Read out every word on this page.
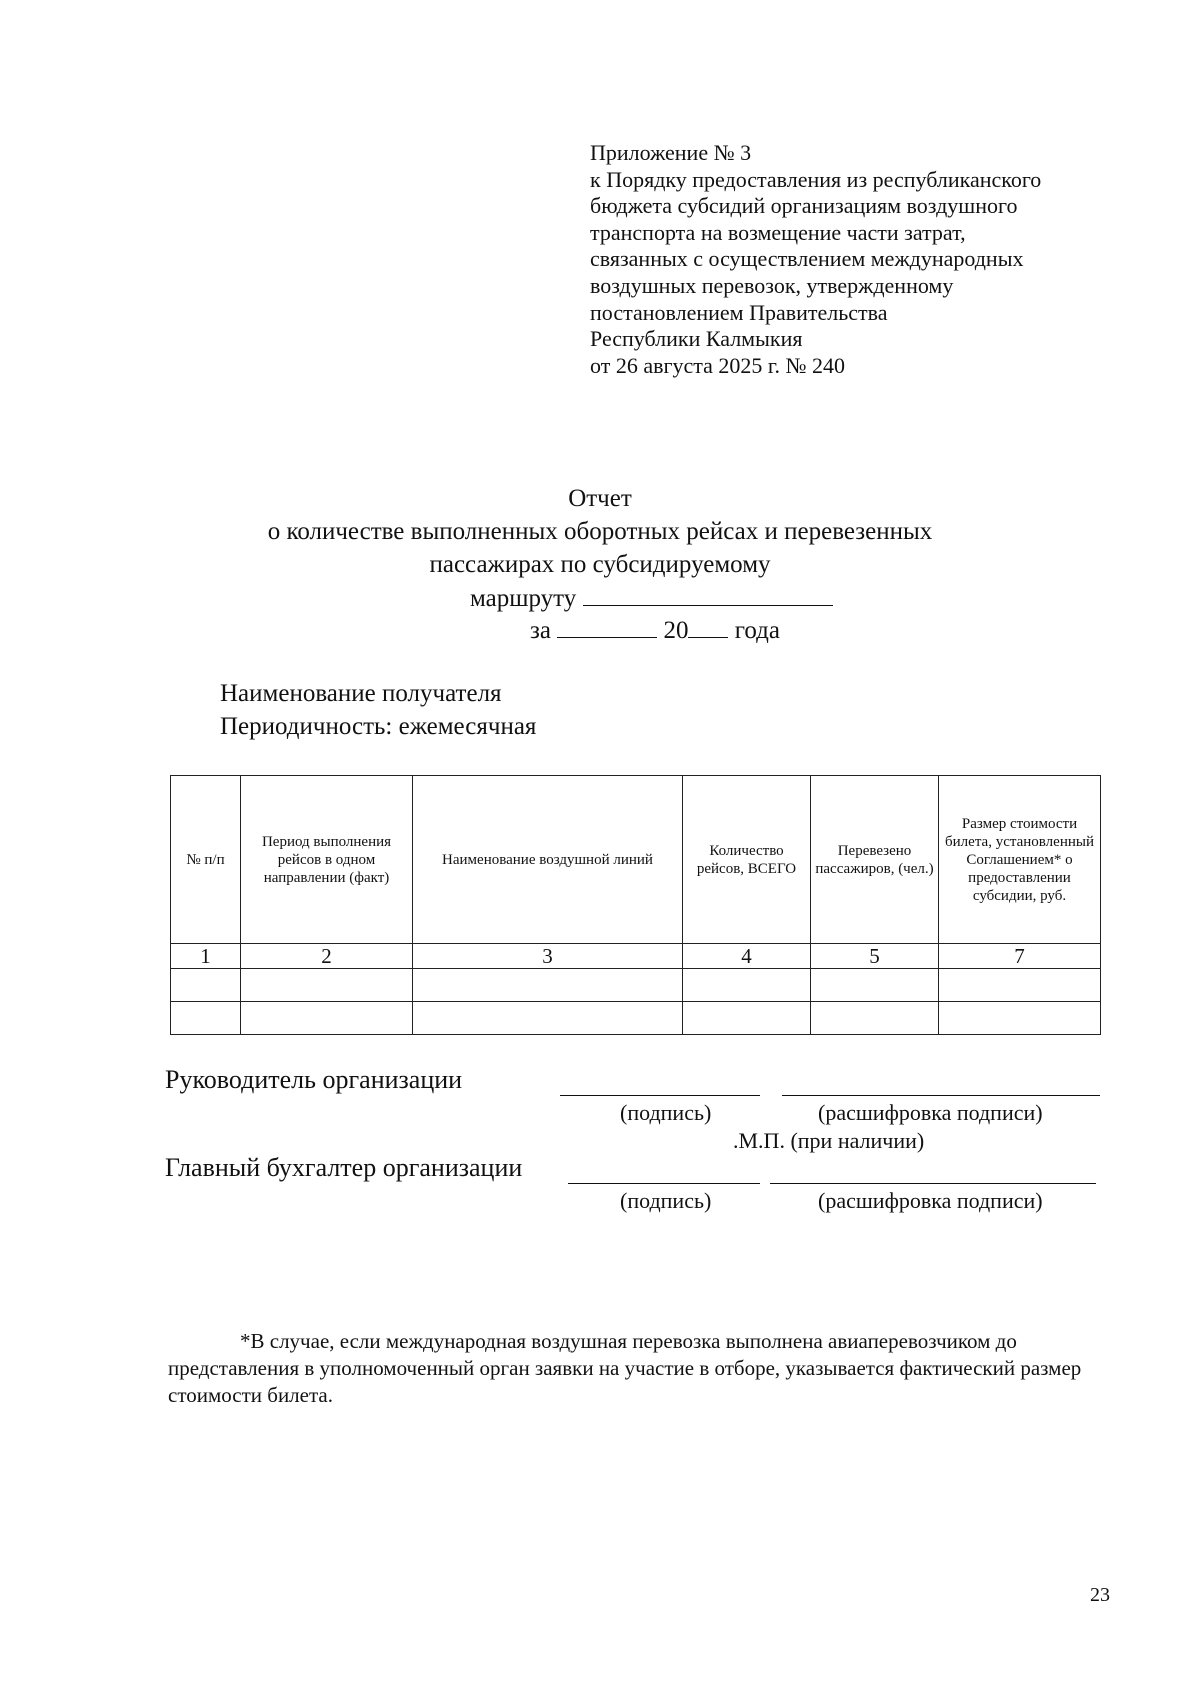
Приложение № 3
к Порядку предоставления из республиканского
бюджета субсидий организациям воздушного
транспорта на возмещение части затрат,
связанных с осуществлением международных
воздушных перевозок, утвержденному
постановлением Правительства
Республики Калмыкия
от 26 августа 2025 г. № 240
Отчет
о количестве выполненных оборотных рейсах и перевезенных
пассажирах по субсидируемому
маршруту
за	20 года
Наименование получателя
Периодичность: ежемесячная
№ п/п	Период выполнения рейсов в одном направлении (факт)	Наименование воздушной линий	Количество рейсов, ВСЕГО	Перевезено пассажиров, (чел.)	Размер стоимости билета, установленный Соглашением* о предоставлении субсидии, руб.
1	2	3	4	5	7

Руководитель организации
(подпись)	(расшифровка подписи)
.М.П. (при наличии)
Главный бухгалтер организации
(подпись)	(расшифровка подписи)
*В случае, если международная воздушная перевозка выполнена авиаперевозчиком до представления в уполномоченный орган заявки на участие в отборе, указывается фактический размер стоимости билета.
23
